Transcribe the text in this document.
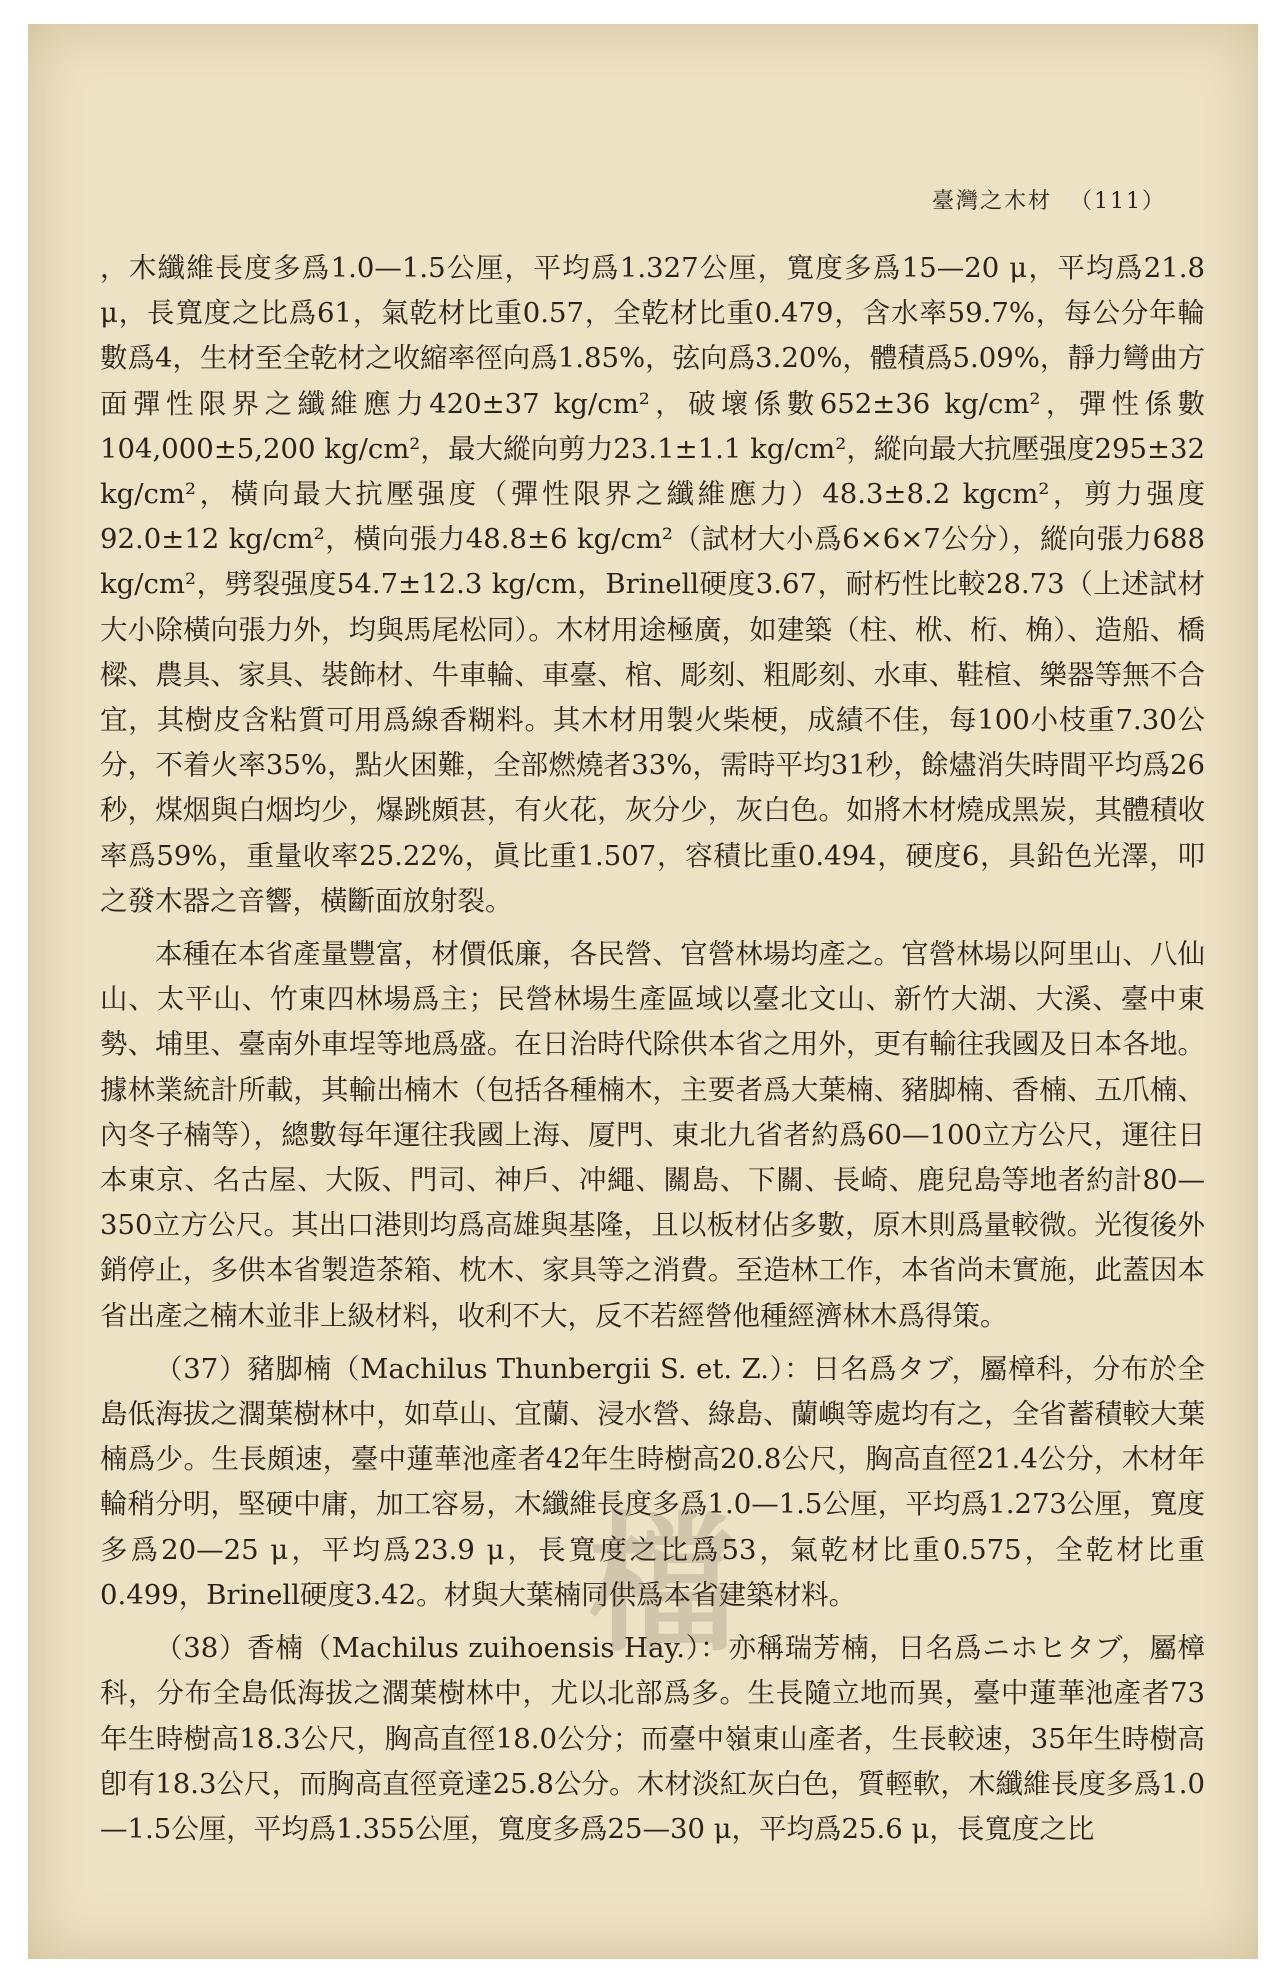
臺灣之木材 （111）
檔

，木纖維長度多爲1.0—1.5公厘，平均爲1.327公厘，寬度多爲15—20 μ，平均爲21.8 μ，長寬度之比爲61，氣乾材比重0.57，全乾材比重0.479，含水率59.7%，每公分年輪數爲4，生材至全乾材之收縮率徑向爲1.85%，弦向爲3.20%，體積爲5.09%，靜力彎曲方面彈性限界之纖維應力420±37 kg/cm²，破壞係數652±36 kg/cm²，彈性係數104,000±5,200 kg/cm²，最大縱向剪力23.1±1.1 kg/cm²，縱向最大抗壓强度295±32 kg/cm²，橫向最大抗壓强度（彈性限界之纖維應力）48.3±8.2 kgcm²，剪力强度92.0±12 kg/cm²，橫向張力48.8±6 kg/cm²（試材大小爲6×6×7公分），縱向張力688 kg/cm²，劈裂强度54.7±12.3 kg/cm，Brinell硬度3.67，耐朽性比較28.73（上述試材大小除橫向張力外，均與馬尾松同）。木材用途極廣，如建築（柱、栿、桁、桷）、造船、橋樑、農具、家具、裝飾材、牛車輪、車臺、棺、彫刻、粗彫刻、水車、鞋楦、樂器等無不合宜，其樹皮含粘質可用爲線香糊料。其木材用製火柴梗，成績不佳，每100小枝重7.30公分，不着火率35%，點火困難，全部燃燒者33%，需時平均31秒，餘燼消失時間平均爲26秒，煤烟與白烟均少，爆跳頗甚，有火花，灰分少，灰白色。如將木材燒成黑炭，其體積收率爲59%，重量收率25.22%，眞比重1.507，容積比重0.494，硬度6，具鉛色光澤，叩之發木器之音響，橫斷面放射裂。

本種在本省產量豐富，材價低廉，各民營、官營林場均產之。官營林場以阿里山、八仙山、太平山、竹東四林場爲主；民營林場生產區域以臺北文山、新竹大湖、大溪、臺中東勢、埔里、臺南外車埕等地爲盛。在日治時代除供本省之用外，更有輸往我國及日本各地。據林業統計所載，其輸出楠木（包括各種楠木，主要者爲大葉楠、豬脚楠、香楠、五爪楠、內冬子楠等），總數每年運往我國上海、厦門、東北九省者約爲60—100立方公尺，運往日本東京、名古屋、大阪、門司、神戶、冲繩、關島、下關、長崎、鹿兒島等地者約計80—350立方公尺。其出口港則均爲高雄與基隆，且以板材佔多數，原木則爲量較微。光復後外銷停止，多供本省製造茶箱、枕木、家具等之消費。至造林工作，本省尚未實施，此蓋因本省出產之楠木並非上級材料，收利不大，反不若經營他種經濟林木爲得策。

（37）豬脚楠（Machilus Thunbergii S. et. Z.）：日名爲タブ，屬樟科，分布於全島低海拔之濶葉樹林中，如草山、宜蘭、浸水營、綠島、蘭嶼等處均有之，全省蓄積較大葉楠爲少。生長頗速，臺中蓮華池產者42年生時樹高20.8公尺，胸高直徑21.4公分，木材年輪稍分明，堅硬中庸，加工容易，木纖維長度多爲1.0—1.5公厘，平均爲1.273公厘，寬度多爲20—25 μ，平均爲23.9 μ，長寬度之比爲53，氣乾材比重0.575，全乾材比重0.499，Brinell硬度3.42。材與大葉楠同供爲本省建築材料。

（38）香楠（Machilus zuihoensis Hay.）：亦稱瑞芳楠，日名爲ニホヒタブ，屬樟科，分布全島低海拔之濶葉樹林中，尤以北部爲多。生長隨立地而異，臺中蓮華池產者73年生時樹高18.3公尺，胸高直徑18.0公分；而臺中嶺東山產者，生長較速，35年生時樹高卽有18.3公尺，而胸高直徑竟達25.8公分。木材淡紅灰白色，質輕軟，木纖維長度多爲1.0—1.5公厘，平均爲1.355公厘，寬度多爲25—30 μ，平均爲25.6 μ，長寬度之比
